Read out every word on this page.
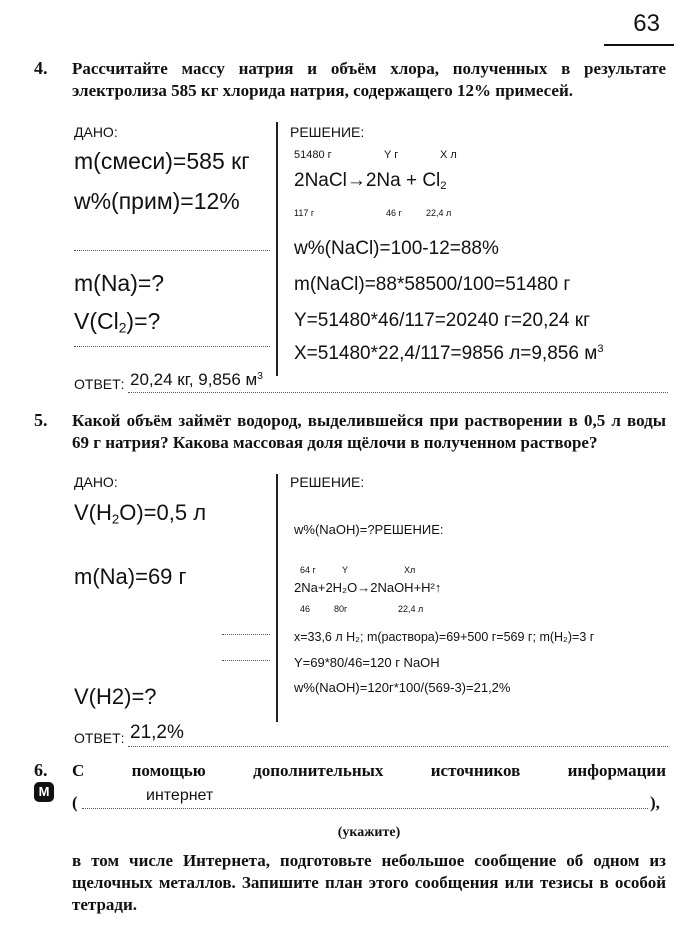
63
4. Рассчитайте массу натрия и объём хлора, полученных в результате электролиза 585 кг хлорида натрия, содержащего 12% примесей.
ДАНО:	РЕШЕНИЕ:
m(смеси)=585 кг
w%(прим)=12%
m(Na)=?
$V(Cl_2)=$?
51480 г	Y г	X л
2NaCl→2Na + $Cl_2$
117 г	46 г	22,4 л
w%(NaCl)=100-12=88%
m(NaCl)=88*58500/100=51480 г
Y=51480*46/117=20240 г=20,24 кг
X=51480*22,4/117=9856 л=9,856 $м^3$
ОТВЕТ: 20,24 кг, 9,856 $м^3$
5. Какой объём займёт водород, выделившейся при растворении в 0,5 л воды 69 г натрия? Какова массовая доля щёлочи в полученном растворе?
ДАНО:	РЕШЕНИЕ:
$V(H_2O)=0,5$ л
m(Na)=69 г
V(H2)=?
w%(NaOH)=?РЕШЕНИЕ:
64 г	Y	Xл
2Na+2H₂O→2NaOH+H²↑
46	80г	22,4 л
x=33,6 л H₂; m(раствора)=69+500 г=569 г; m(H₂)=3 г
Y=69*80/46=120 г NaOH
w%(NaOH)=120г*100/(569-3)=21,2%
ОТВЕТ: 21,2%
6. С помощью дополнительных источников информации
M
(	интернет	),
(укажите)
в том числе Интернета, подготовьте небольшое сообщение об одном из щелочных металлов. Запишите план этого сообщения или тезисы в особой тетради.
